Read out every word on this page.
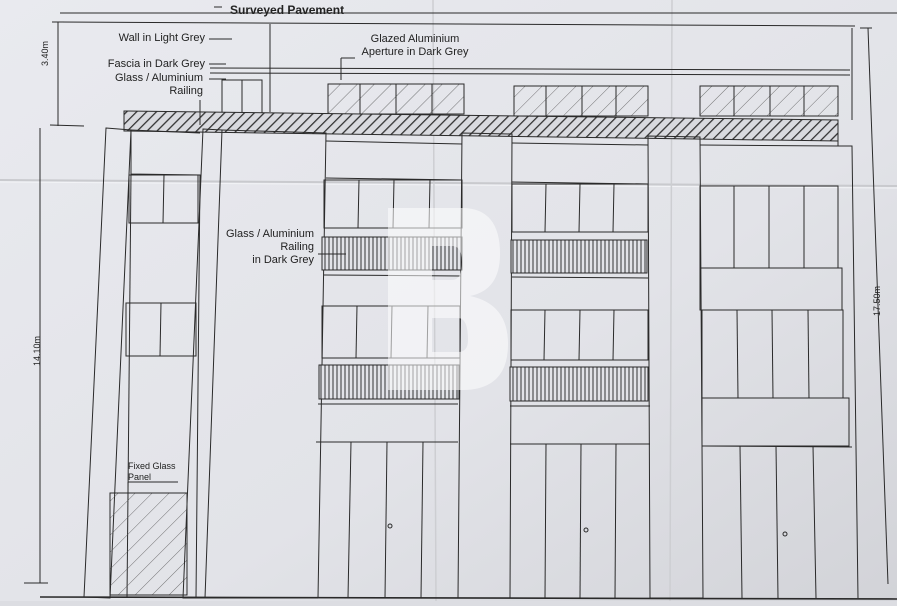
Surveyed Pavement
Wall in Light Grey	Glazed Aluminium
Aperture in Dark Grey
Fascia in Dark Grey
Glass / Aluminium
Railing
Glass / Aluminium
Railing
in Dark Grey
Fixed Glass
Panel
3.40m
14.10m
17.50m
